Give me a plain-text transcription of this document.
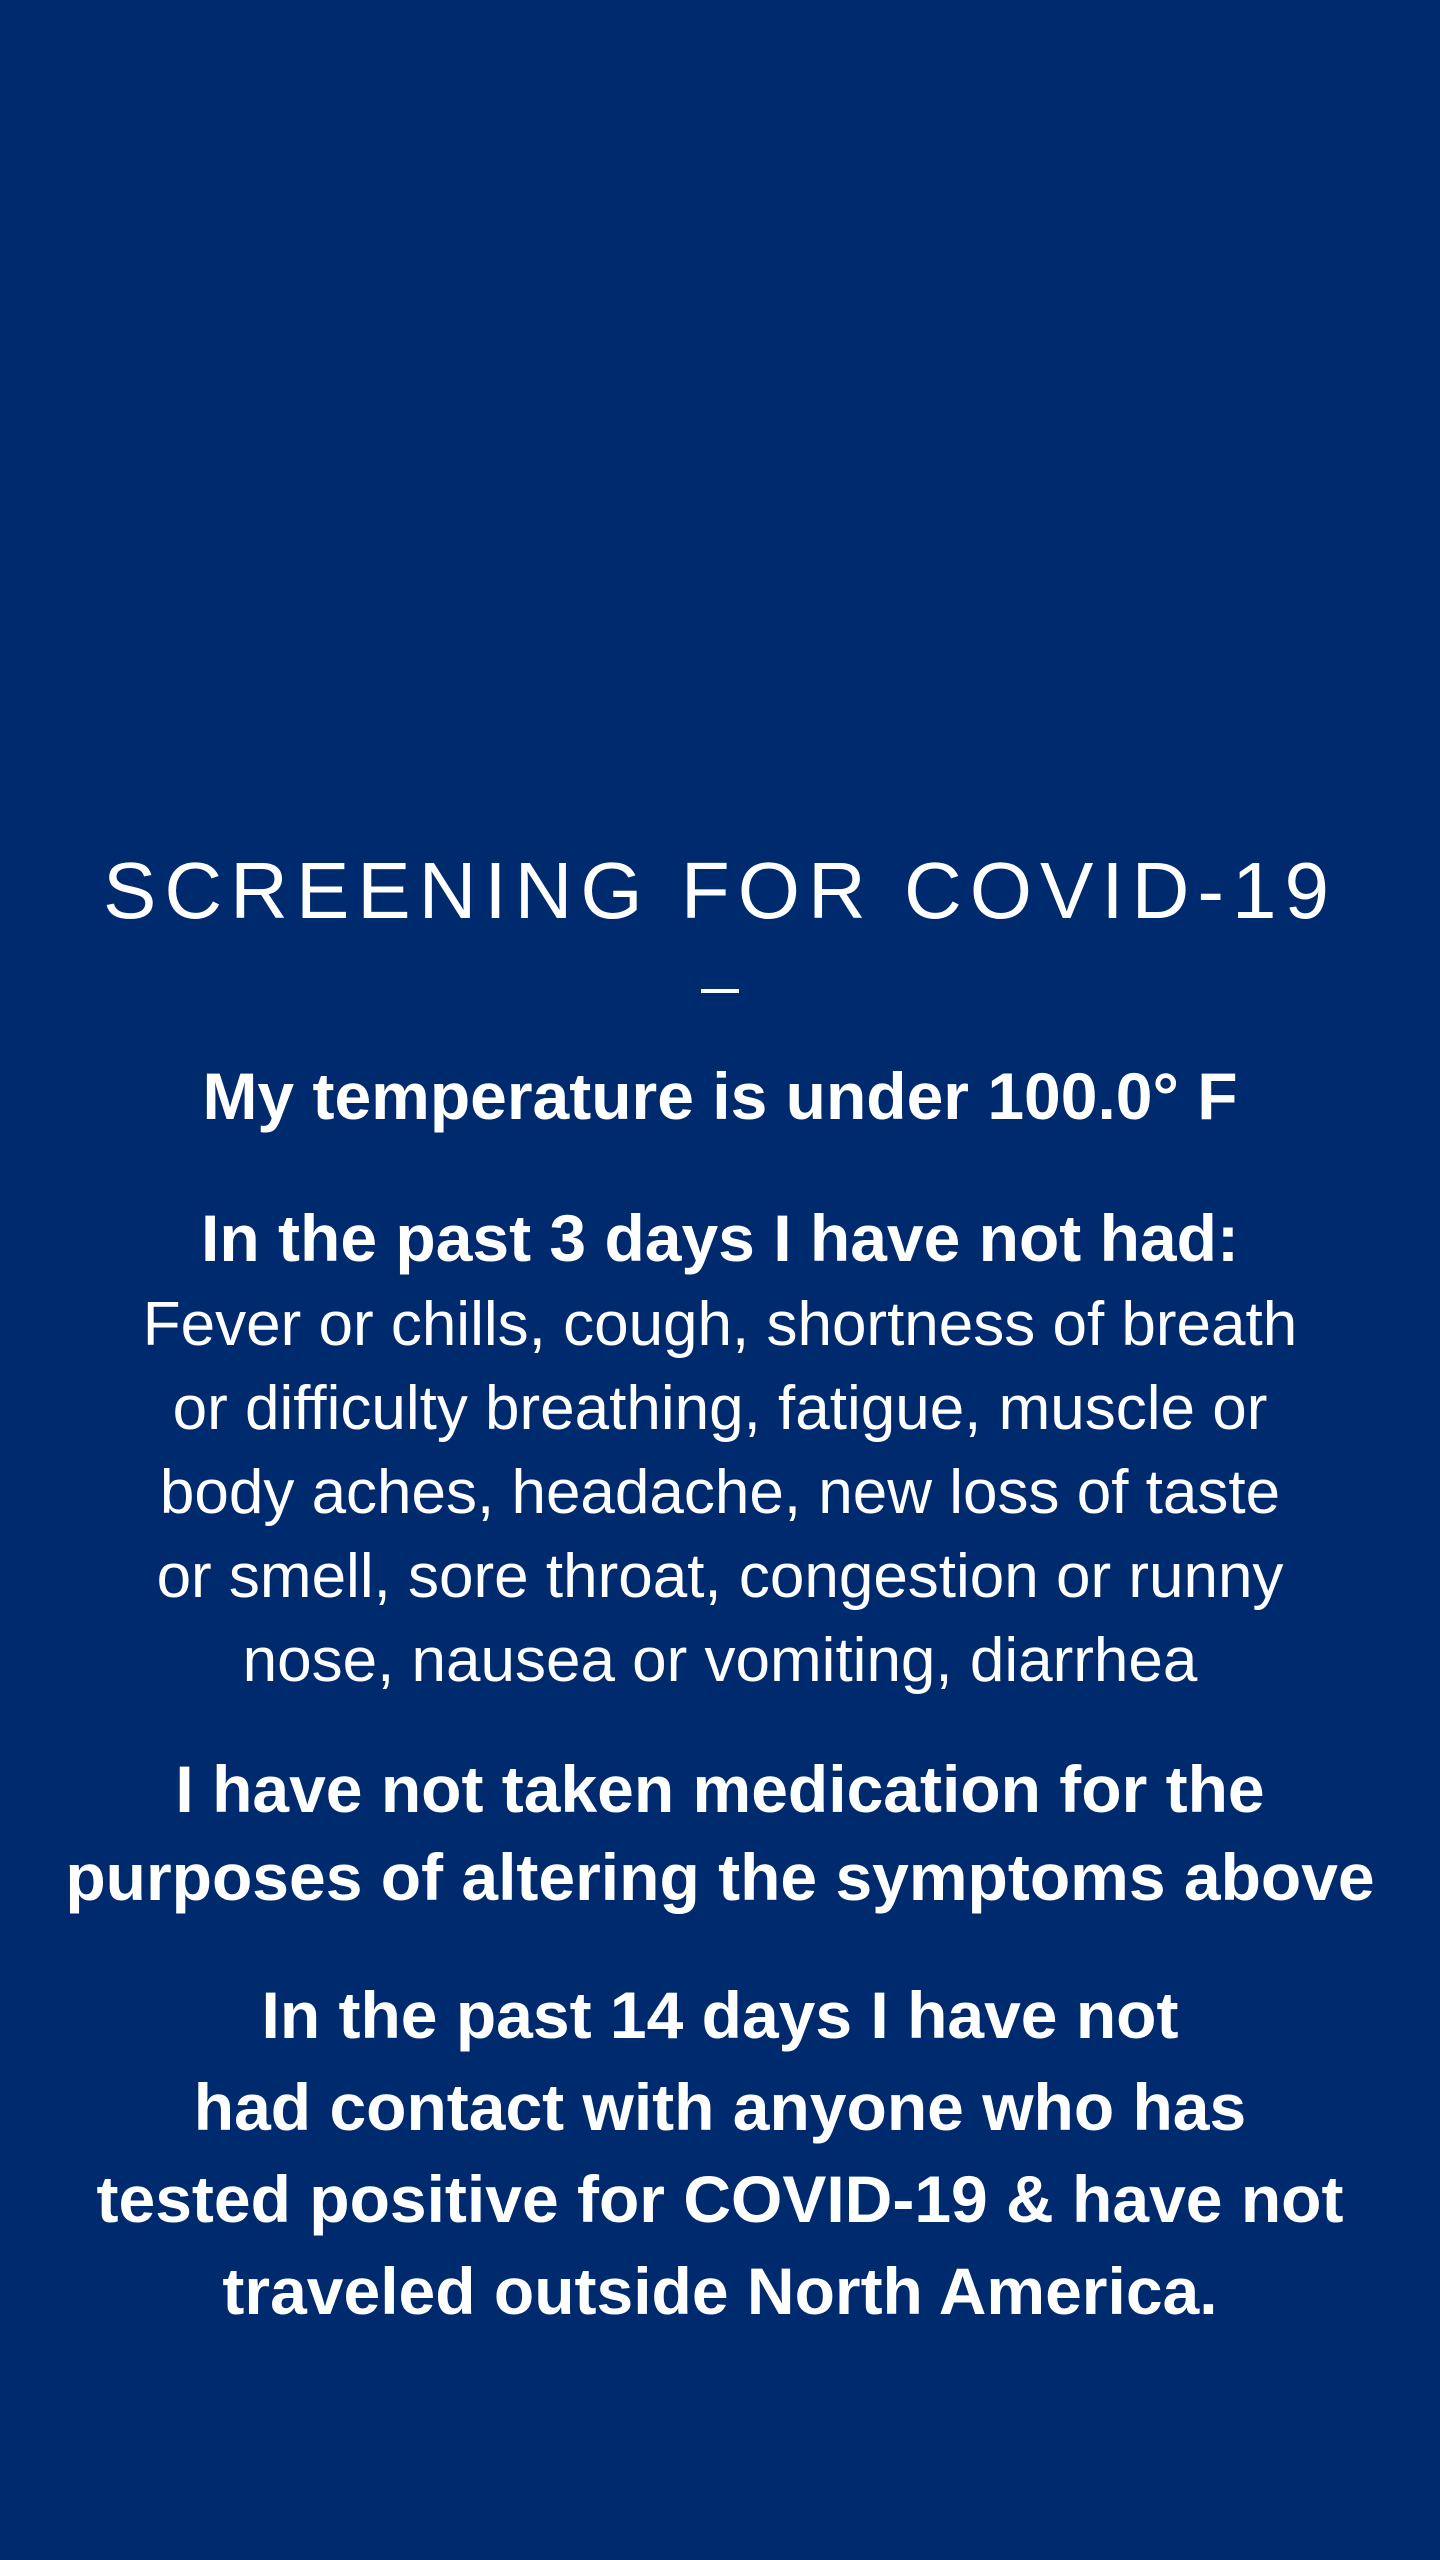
SCREENING FOR COVID-19

My temperature is under 100.0° F

In the past 3 days I have not had:

Fever or chills, cough, shortness of breath
or difficulty breathing, fatigue, muscle or
body aches, headache, new loss of taste
or smell, sore throat, congestion or runny
nose, nausea or vomiting, diarrhea

I have not taken medication for the
purposes of altering the symptoms above

In the past 14 days I have not
had contact with anyone who has
tested positive for COVID-19 & have not
traveled outside North America.
